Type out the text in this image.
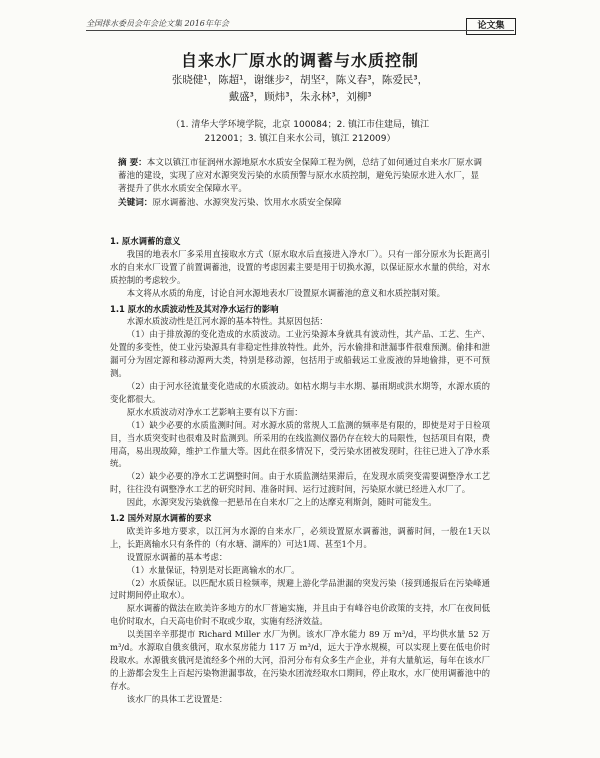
全国排水委员会年会论文集 2016年年会	论文集
自来水厂原水的调蓄与水质控制
张晓健¹，陈超¹，谢继步²，胡坚²，陈义春³，陈爱民³，
戴盛³，顾炜³，朱永林³，刘柳³
（1. 清华大学环境学院，北京 100084；2. 镇江市住建局，镇江
212001；3. 镇江自来水公司，镇江 212009）
摘 要：本文以镇江市征润州水源地原水水质安全保障工程为例，总结了如何通过自来水厂原水调蓄池的建设，实现了应对水源突发污染的水质预警与原水水质控制，避免污染原水进入水厂，显著提升了供水水质安全保障水平。
关键词：原水调蓄池、水源突发污染、饮用水水质安全保障

1. 原水调蓄的意义

我国的地表水厂多采用直接取水方式（原水取水后直接进入净水厂）。只有一部分原水为长距离引水的自来水厂设置了前置调蓄池，设置的考虑因素主要是用于切换水源，以保证原水水量的供给，对水质控制的考虑较少。

本文将从水质的角度，讨论自河水源地表水厂设置原水调蓄池的意义和水质控制对策。

1.1 原水的水质波动性及其对净水运行的影响

水源水质波动性是江河水源的基本特性。其原因包括：

（1）由于排放源的变化造成的水质波动。工业污染源本身就具有波动性，其产品、工艺、生产、处置的多变性，使工业污染源具有非稳定性排放特性。此外，污水偷排和泄漏事件很难预测。偷排和泄漏可分为固定源和移动源两大类，特别是移动源，包括用于或船载运工业废液的异地偷排，更不可预测。

（2）由于河水径流量变化造成的水质波动。如枯水期与丰水期、暴雨期或洪水期等，水源水质的变化都很大。

原水水质波动对净水工艺影响主要有以下方面：

（1）缺少必要的水质监测时间。对水源水质的常规人工监测的频率是有限的，即使是对于日检项目，当水质突变时也很难及时监测到。所采用的在线监测仪器仍存在较大的局限性，包括项目有限，费用高，易出现故障，维护工作量大等。因此在很多情况下，受污染水团被发现时，往往已进入了净水系统。

（2）缺少必要的净水工艺调整时间。由于水质监测结果滞后，在发现水质突变需要调整净水工艺时，往往没有调整净水工艺的研究时间、准备时间、运行过渡时间，污染原水就已经进入水厂了。

因此，水源突发污染就像一把悬吊在自来水厂之上的达摩克利斯剑，随时可能发生。

1.2 国外对原水调蓄的要求

欧美许多地方要求，以江河为水源的自来水厂，必须设置原水调蓄池，调蓄时间，一般在1天以上，长距离输水只有条件的（有水塘、湖库的）可达1周、甚至1个月。

设置原水调蓄的基本考虑：

（1）水量保证，特别是对长距离输水的水厂。

（2）水质保证。以匹配水质日检频率，规避上游化学品泄漏的突发污染（接到通报后在污染峰通过时期间停止取水）。

原水调蓄的做法在欧美许多地方的水厂普遍实施，并且由于有峰谷电价政策的支持，水厂在夜间低电价时取水，白天高电价时不取或少取，实施有经济效益。

以美国辛辛那提市 Richard Miller 水厂为例。该水厂净水能力 89 万 m³/d，平均供水量 52 万 m³/d。水源取自俄亥俄河，取水泵房能力 117 万 m³/d，远大于净水规模，可以实现上要在低电价时段取水。水源俄亥俄河是流经多个州的大河，沿河分布有众多生产企业，并有大量航运，每年在该水厂的上游都会发生上百起污染物泄漏事故，在污染水团流经取水口期间，停止取水，水厂使用调蓄池中的存水。

该水厂的具体工艺设置是：
